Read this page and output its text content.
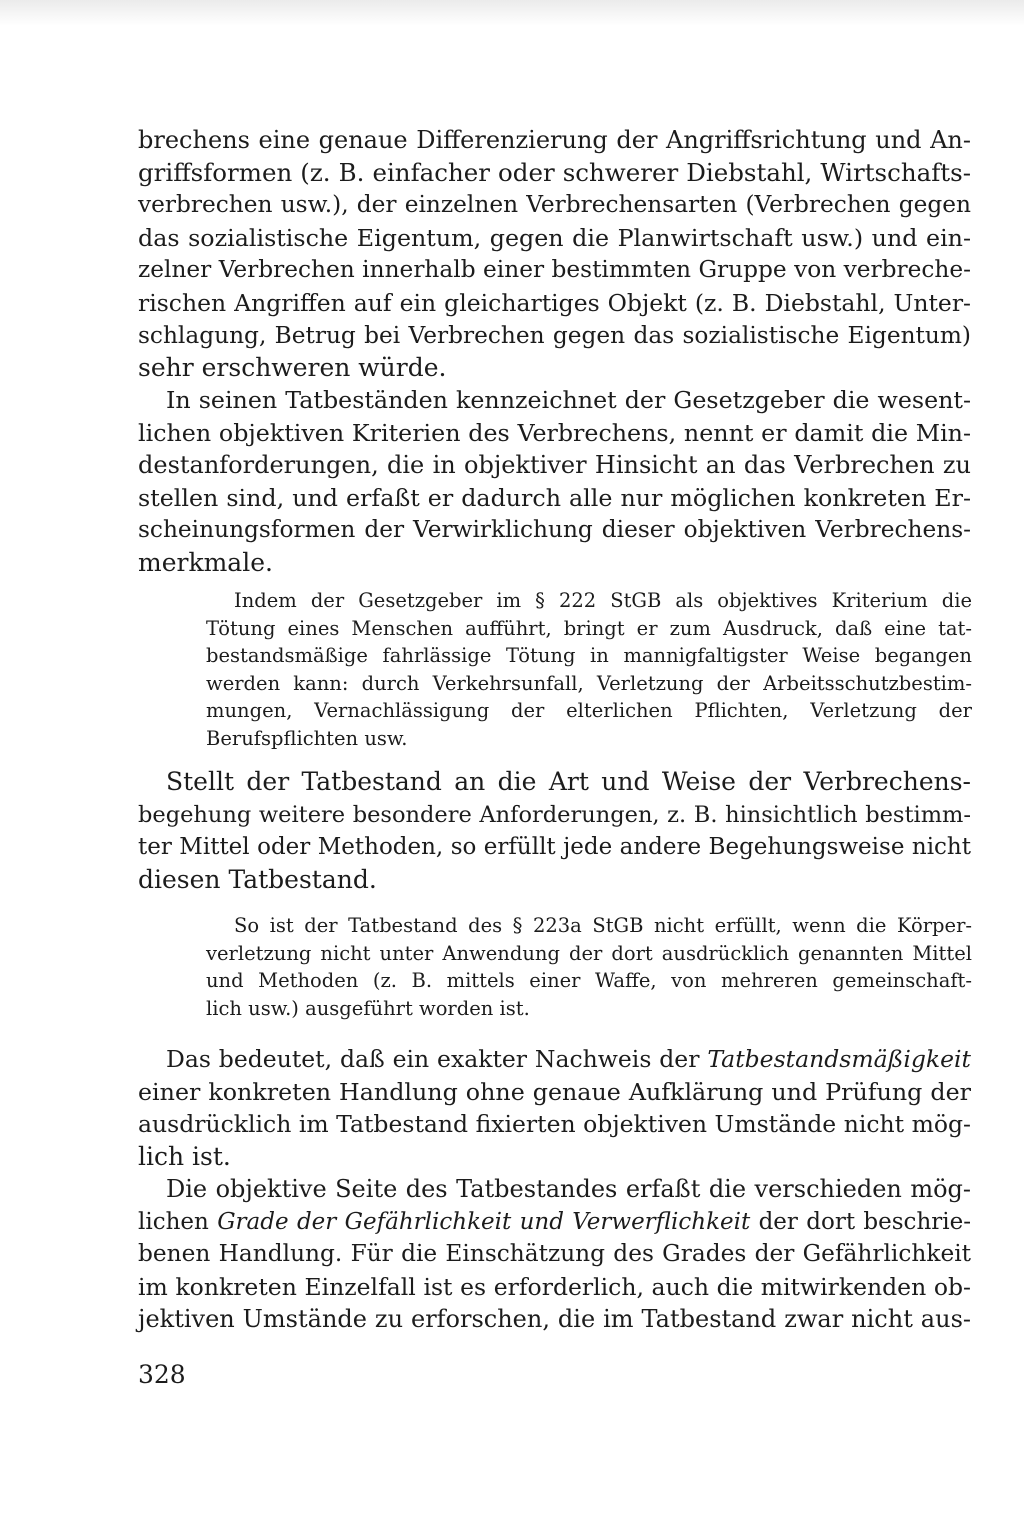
brechens eine genaue Differenzierung der Angriffsrichtung und An-
griffsformen (z. B. einfacher oder schwerer Diebstahl, Wirtschafts-
verbrechen usw.), der einzelnen Verbrechensarten (Verbrechen gegen
das sozialistische Eigentum, gegen die Planwirtschaft usw.) und ein-
zelner Verbrechen innerhalb einer bestimmten Gruppe von verbreche-
rischen Angriffen auf ein gleichartiges Objekt (z. B. Diebstahl, Unter-
schlagung, Betrug bei Verbrechen gegen das sozialistische Eigentum)
sehr erschweren würde.
In seinen Tatbeständen kennzeichnet der Gesetzgeber die wesent-
lichen objektiven Kriterien des Verbrechens, nennt er damit die Min-
destanforderungen, die in objektiver Hinsicht an das Verbrechen zu
stellen sind, und erfaßt er dadurch alle nur möglichen konkreten Er-
scheinungsformen der Verwirklichung dieser objektiven Verbrechens-
merkmale.
Indem der Gesetzgeber im § 222 StGB als objektives Kriterium die
Tötung eines Menschen aufführt, bringt er zum Ausdruck, daß eine tat-
bestandsmäßige fahrlässige Tötung in mannigfaltigster Weise begangen
werden kann: durch Verkehrsunfall, Verletzung der Arbeitsschutzbestim-
mungen, Vernachlässigung der elterlichen Pflichten, Verletzung der
Berufspflichten usw.
Stellt der Tatbestand an die Art und Weise der Verbrechens-
begehung weitere besondere Anforderungen, z. B. hinsichtlich bestimm-
ter Mittel oder Methoden, so erfüllt jede andere Begehungsweise nicht
diesen Tatbestand.
So ist der Tatbestand des § 223a StGB nicht erfüllt, wenn die Körper-
verletzung nicht unter Anwendung der dort ausdrücklich genannten Mittel
und Methoden (z. B. mittels einer Waffe, von mehreren gemeinschaft-
lich usw.) ausgeführt worden ist.
Das bedeutet, daß ein exakter Nachweis der Tatbestandsmäßigkeit
einer konkreten Handlung ohne genaue Aufklärung und Prüfung der
ausdrücklich im Tatbestand fixierten objektiven Umstände nicht mög-
lich ist.
Die objektive Seite des Tatbestandes erfaßt die verschieden mög-
lichen Grade der Gefährlichkeit und Verwerflichkeit der dort beschrie-
benen Handlung. Für die Einschätzung des Grades der Gefährlichkeit
im konkreten Einzelfall ist es erforderlich, auch die mitwirkenden ob-
jektiven Umstände zu erforschen, die im Tatbestand zwar nicht aus-
328
